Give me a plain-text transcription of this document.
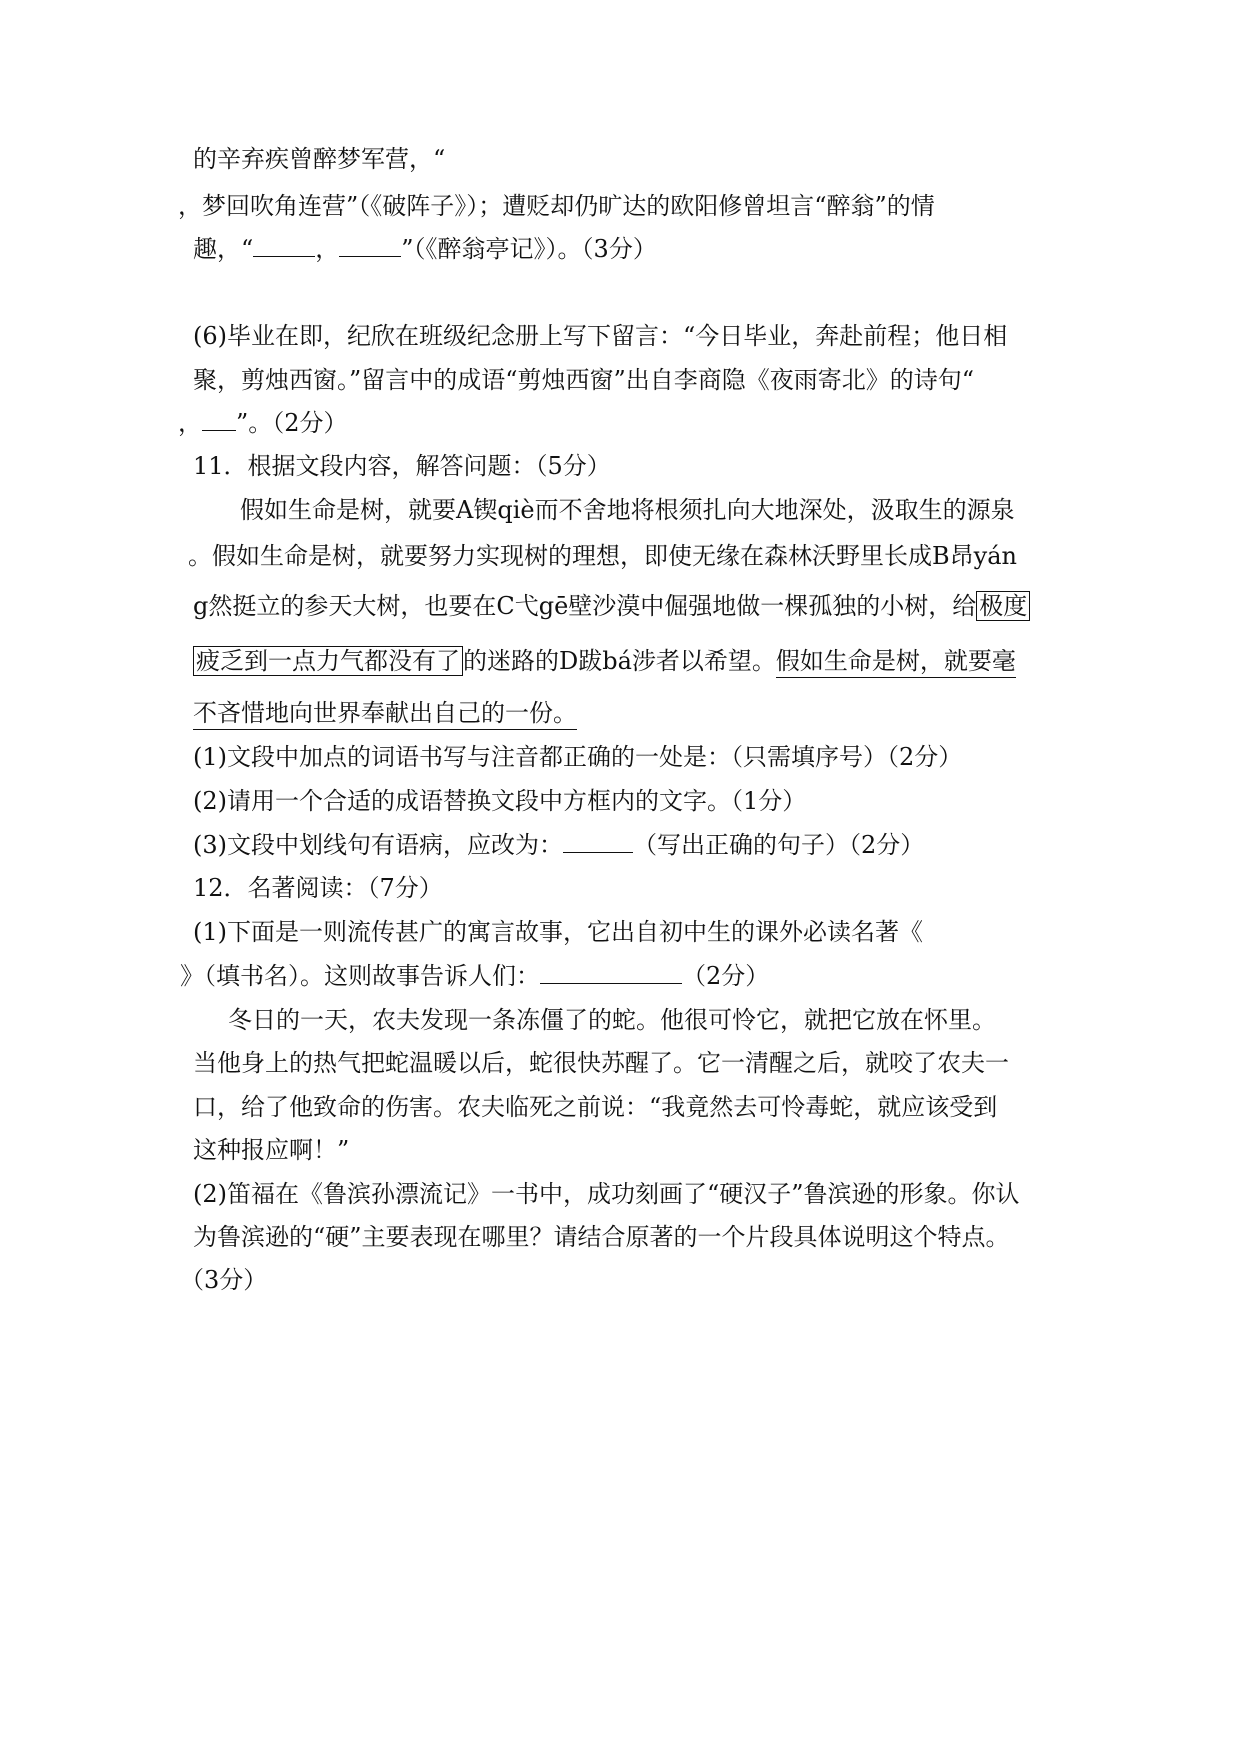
的辛弃疾曾醉梦军营，“
，梦回吹角连营”（《破阵子》）；遭贬却仍旷达的欧阳修曾坦言“醉翁”的情
趣，“	，	”（《醉翁亭记》）。（3分）
(6)毕业在即，纪欣在班级纪念册上写下留言：“今日毕业，奔赴前程；他日相
聚，剪烛西窗。”留言中的成语“剪烛西窗”出自李商隐《夜雨寄北》的诗句“
， ”。（2分）
11．根据文段内容，解答问题：（5分）
假如生命是树，就要A锲qiè而不舍地将根须扎向大地深处，汲取生的源泉
。假如生命是树，就要努力实现树的理想，即使无缘在森林沃野里长成B昂yán
g然挺立的参天大树，也要在C弋gē壁沙漠中倔强地做一棵孤独的小树，给 极度
疲乏到一点力气都没有了 的迷路的D跋bá涉者以希望。假如生命是树，就要毫
不吝惜地向世界奉献出自己的一份。
(1)文段中加点的词语书写与注音都正确的一处是：（只需填序号）（2分）
(2)请用一个合适的成语替换文段中方框内的文字。（1分）
(3)文段中划线句有语病，应改为：	（写出正确的句子）（2分）
12．名著阅读：（7分）
(1)下面是一则流传甚广的寓言故事，它出自初中生的课外必读名著《
》（填书名）。这则故事告诉人们：	（2分）
冬日的一天，农夫发现一条冻僵了的蛇。他很可怜它，就把它放在怀里。
当他身上的热气把蛇温暖以后，蛇很快苏醒了。它一清醒之后，就咬了农夫一
口，给了他致命的伤害。农夫临死之前说：“我竟然去可怜毒蛇，就应该受到
这种报应啊！”
(2)笛福在《鲁滨孙漂流记》一书中，成功刻画了“硬汉子”鲁滨逊的形象。你认
为鲁滨逊的“硬”主要表现在哪里？请结合原著的一个片段具体说明这个特点。
（3分）
